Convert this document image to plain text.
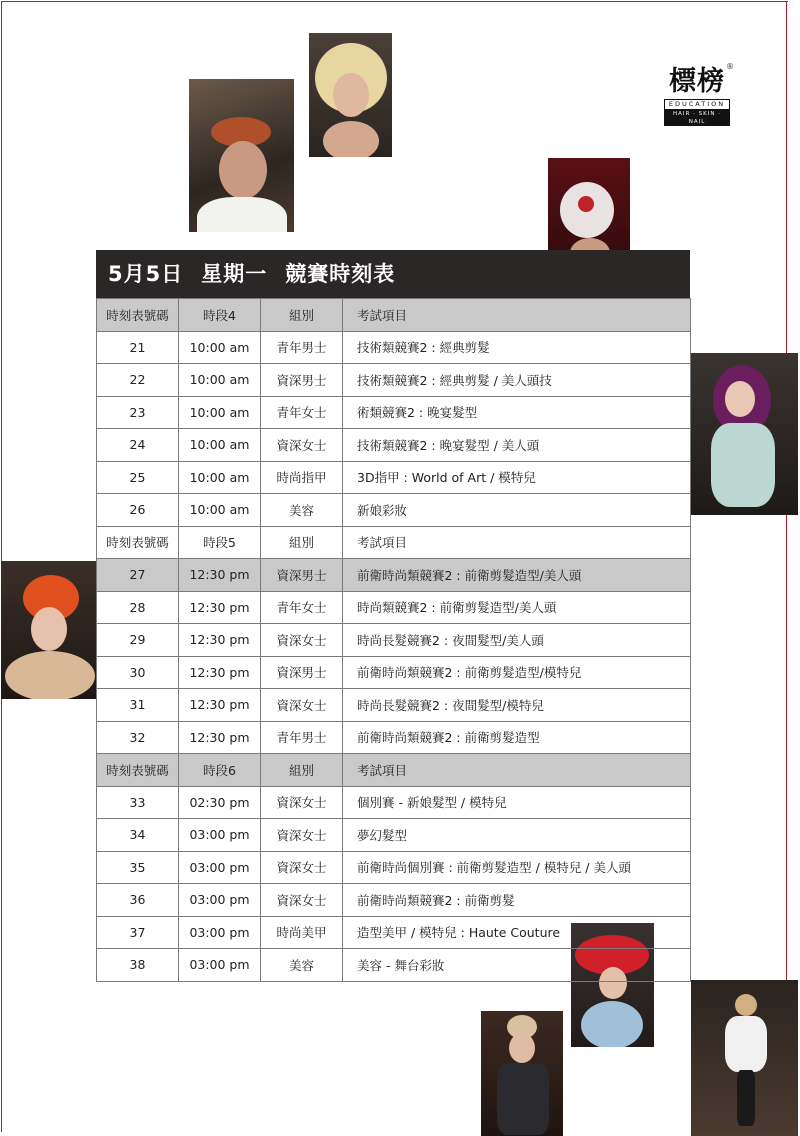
標榜 ®
EDUCATION
HAIR · SKIN · NAIL
5月5日 星期一 競賽時刻表
時刻表號碼	時段4	組別	考試項目
21	10:00 am	青年男士	技術類競賽2 : 經典剪髮
22	10:00 am	資深男士	技術類競賽2 : 經典剪髮 / 美人頭技
23	10:00 am	青年女士	術類競賽2 : 晚宴髮型
24	10:00 am	資深女士	技術類競賽2 : 晚宴髮型 / 美人頭
25	10:00 am	時尚指甲	3D指甲 : World of Art / 模特兒
26	10:00 am	美容	新娘彩妝
時刻表號碼	時段5	組別	考試項目
27	12:30 pm	資深男士	前衛時尚類競賽2 : 前衛剪髮造型/美人頭
28	12:30 pm	青年女士	時尚類競賽2 : 前衛剪髮造型/美人頭
29	12:30 pm	資深女士	時尚長髮競賽2 : 夜間髮型/美人頭
30	12:30 pm	資深男士	前衛時尚類競賽2 : 前衛剪髮造型/模特兒
31	12:30 pm	資深女士	時尚長髮競賽2 : 夜間髮型/模特兒
32	12:30 pm	青年男士	前衛時尚類競賽2 : 前衛剪髮造型
時刻表號碼	時段6	組別	考試項目
33	02:30 pm	資深女士	個別賽 - 新娘髮型 / 模特兒
34	03:00 pm	資深女士	夢幻髮型
35	03:00 pm	資深女士	前衛時尚個別賽 : 前衛剪髮造型 / 模特兒 / 美人頭
36	03:00 pm	資深女士	前衛時尚類競賽2 : 前衛剪髮
37	03:00 pm	時尚美甲	造型美甲 / 模特兒 : Haute Couture
38	03:00 pm	美容	美容 - 舞台彩妝
